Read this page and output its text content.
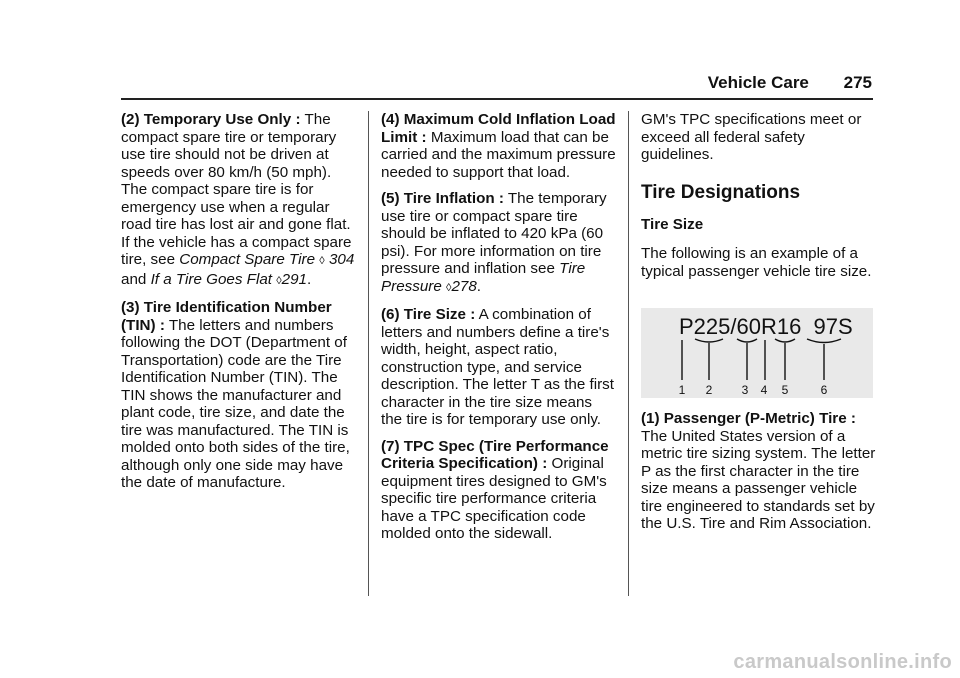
Vehicle Care 275

(2) Temporary Use Only : The compact spare tire or temporary use tire should not be driven at speeds over 80 km/h (50 mph). The compact spare tire is for emergency use when a regular road tire has lost air and gone flat. If the vehicle has a compact spare tire, see Compact Spare Tire ◊ 304 and If a Tire Goes Flat ◊291.

(3) Tire Identification Number (TIN) : The letters and numbers following the DOT (Department of Transportation) code are the Tire Identification Number (TIN). The TIN shows the manufacturer and plant code, tire size, and date the tire was manufactured. The TIN is molded onto both sides of the tire, although only one side may have the date of manufacture.

(4) Maximum Cold Inflation Load Limit : Maximum load that can be carried and the maximum pressure needed to support that load.

(5) Tire Inflation : The temporary use tire or compact spare tire should be inflated to 420 kPa (60 psi). For more information on tire pressure and inflation see Tire Pressure ◊278.

(6) Tire Size : A combination of letters and numbers define a tire's width, height, aspect ratio, construction type, and service description. The letter T as the first character in the tire size means the tire is for temporary use only.

(7) TPC Spec (Tire Performance Criteria Specification) : Original equipment tires designed to GM's specific tire performance criteria have a TPC specification code molded onto the sidewall.

GM's TPC specifications meet or exceed all federal safety guidelines.

Tire Designations
Tire Size

The following is an example of a typical passenger vehicle tire size.

P225/60R16  97S
1 2 3 4 5	6

(1) Passenger (P-Metric) Tire : The United States version of a metric tire sizing system. The letter P as the first character in the tire size means a passenger vehicle tire engineered to standards set by the U.S. Tire and Rim Association.

carmanualsonline.info
